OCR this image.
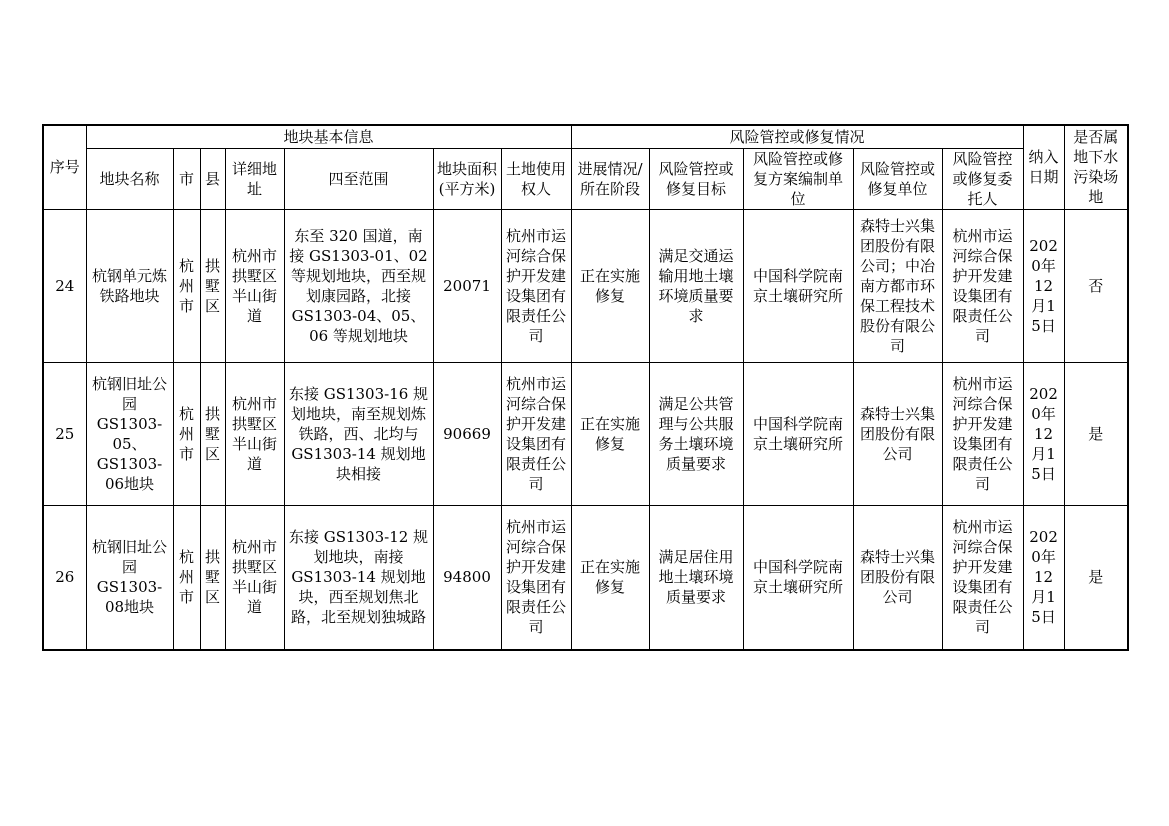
序号	地块基本信息							风险管控或修复情况					纳入日期	是否属地下水污染场地
	地块名称	市	县	详细地址	四至范围	地块面积(平方米)	土地使用权人	进展情况/所在阶段	风险管控或修复目标	风险管控或修复方案编制单位	风险管控或修复单位	风险管控或修复委托人		
24	杭钢单元炼铁路地块	杭州市	拱墅区	杭州市拱墅区半山街道	东至 320 国道，南接 GS1303-01、02 等规划地块，西至规划康园路，北接 GS1303-04、05、06 等规划地块	20071	杭州市运河综合保护开发建设集团有限责任公司	正在实施修复	满足交通运输用地土壤环境质量要求	中国科学院南京土壤研究所	森特士兴集团股份有限公司；中冶南方都市环保工程技术股份有限公司	杭州市运河综合保护开发建设集团有限责任公司	2020年12月15日	否
25	杭钢旧址公园GS1303-05、GS1303-06地块	杭州市	拱墅区	杭州市拱墅区半山街道	东接 GS1303-16 规划地块，南至规划炼铁路，西、北均与 GS1303-14 规划地块相接	90669	杭州市运河综合保护开发建设集团有限责任公司	正在实施修复	满足公共管理与公共服务土壤环境质量要求	中国科学院南京土壤研究所	森特士兴集团股份有限公司	杭州市运河综合保护开发建设集团有限责任公司	2020年12月15日	是
26	杭钢旧址公园GS1303-08地块	杭州市	拱墅区	杭州市拱墅区半山街道	东接 GS1303-12 规划地块，南接 GS1303-14 规划地块，西至规划焦北路，北至规划独城路	94800	杭州市运河综合保护开发建设集团有限责任公司	正在实施修复	满足居住用地土壤环境质量要求	中国科学院南京土壤研究所	森特士兴集团股份有限公司	杭州市运河综合保护开发建设集团有限责任公司	2020年12月15日	是
